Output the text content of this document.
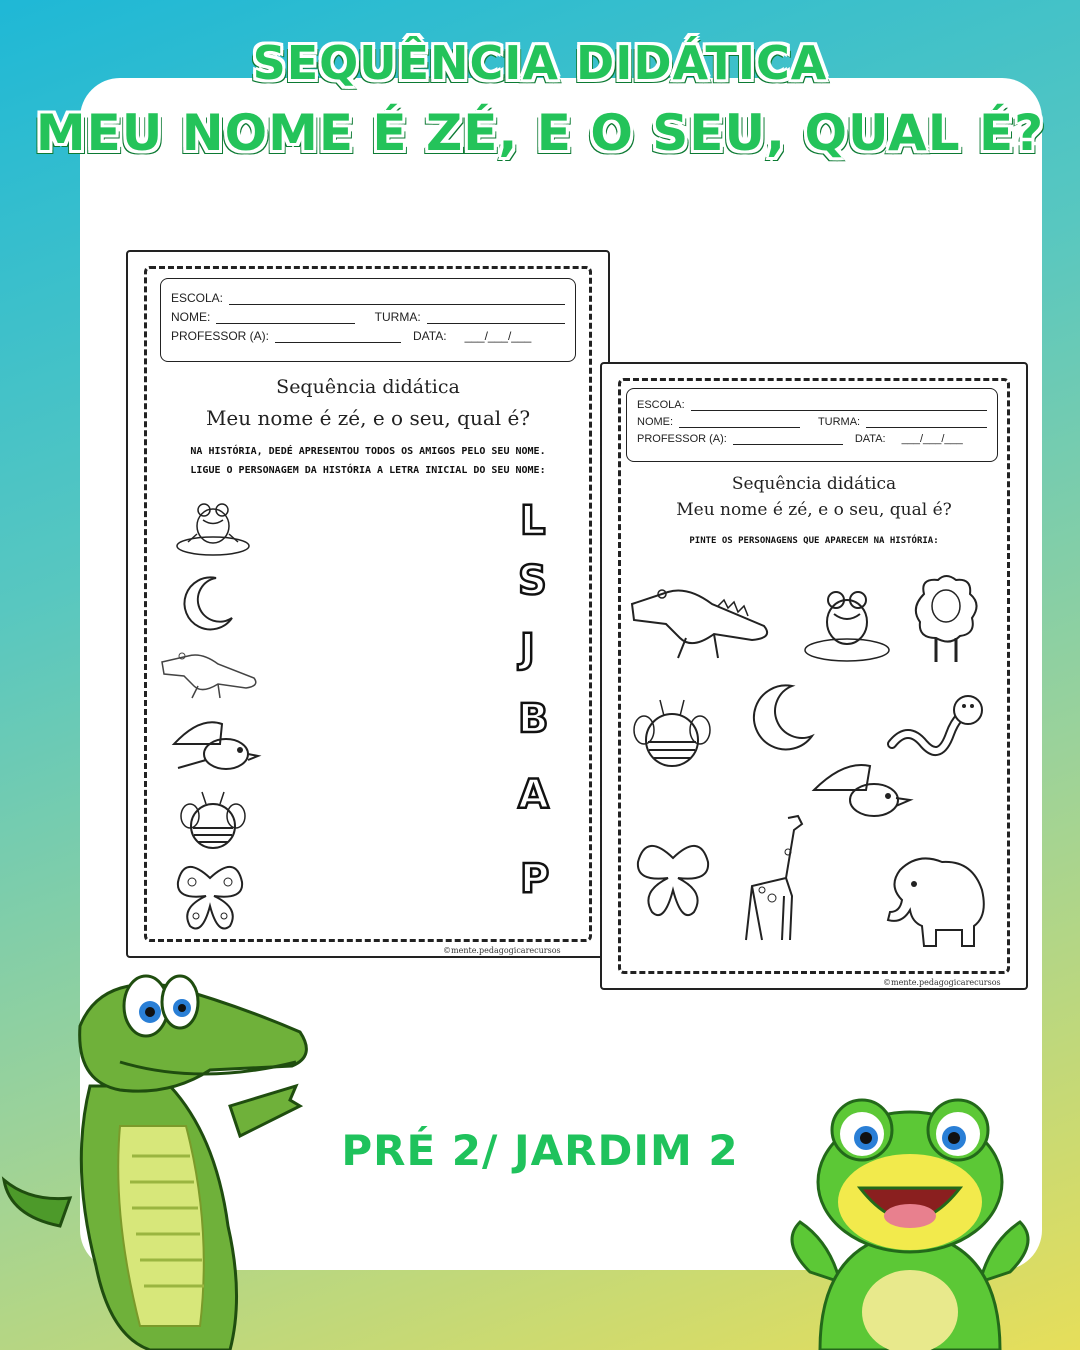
SEQUÊNCIA DIDÁTICA
MEU NOME É ZÉ, E O SEU, QUAL É?
ESCOLA:
NOME:	TURMA:
PROFESSOR (A):	DATA: ___/___/___
Sequência didática
Meu nome é zé, e o seu, qual é?
NA HISTÓRIA, DEDÉ APRESENTOU TODOS OS AMIGOS PELO SEU NOME.
LIGUE O PERSONAGEM DA HISTÓRIA A LETRA INICIAL DO SEU NOME:
L
S
J
B
A
P
©mente.pedagogicarecursos
ESCOLA:
NOME:	TURMA:
PROFESSOR (A):	DATA: ___/___/___
Sequência didática
Meu nome é zé, e o seu, qual é?
PINTE OS PERSONAGENS QUE APARECEM NA HISTÓRIA:
©mente.pedagogicarecursos
PRÉ 2/ JARDIM 2
